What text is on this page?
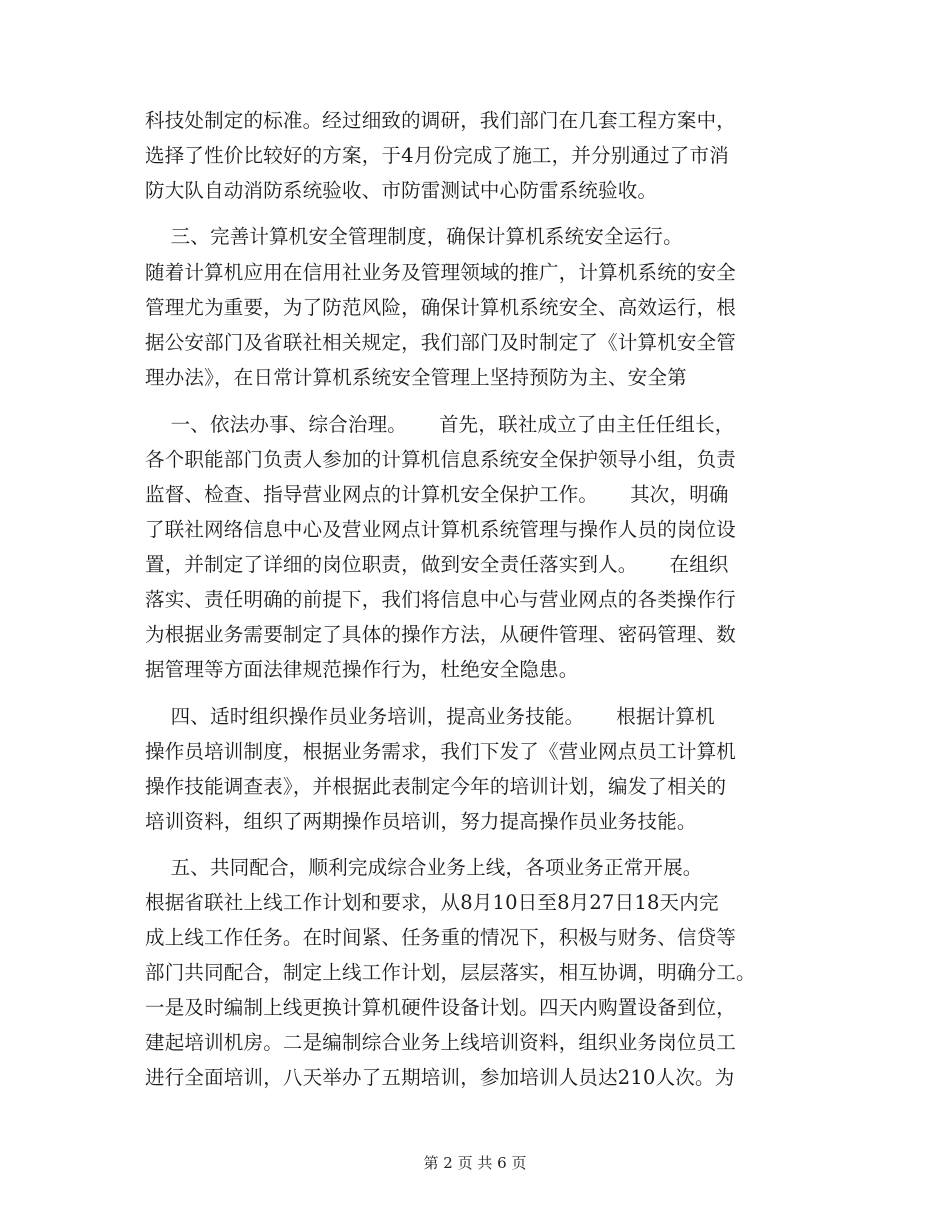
科技处制定的标准。经过细致的调研，我们部门在几套工程方案中，
选择了性价比较好的方案，于4月份完成了施工，并分别通过了市消
防大队自动消防系统验收、市防雷测试中心防雷系统验收。
三、完善计算机安全管理制度，确保计算机系统安全运行。
随着计算机应用在信用社业务及管理领域的推广，计算机系统的安全
管理尤为重要，为了防范风险，确保计算机系统安全、高效运行，根
据公安部门及省联社相关规定，我们部门及时制定了《计算机安全管
理办法》，在日常计算机系统安全管理上坚持预防为主、安全第
一、依法办事、综合治理。     首先，联社成立了由主任任组长，
各个职能部门负责人参加的计算机信息系统安全保护领导小组，负责
监督、检查、指导营业网点的计算机安全保护工作。     其次，明确
了联社网络信息中心及营业网点计算机系统管理与操作人员的岗位设
置，并制定了详细的岗位职责，做到安全责任落实到人。     在组织
落实、责任明确的前提下，我们将信息中心与营业网点的各类操作行
为根据业务需要制定了具体的操作方法，从硬件管理、密码管理、数
据管理等方面法律规范操作行为，杜绝安全隐患。
四、适时组织操作员业务培训，提高业务技能。     根据计算机
操作员培训制度，根据业务需求，我们下发了《营业网点员工计算机
操作技能调查表》，并根据此表制定今年的培训计划，编发了相关的
培训资料，组织了两期操作员培训，努力提高操作员业务技能。
五、共同配合，顺利完成综合业务上线，各项业务正常开展。
根据省联社上线工作计划和要求，从8月10日至8月27日18天内完
成上线工作任务。在时间紧、任务重的情况下，积极与财务、信贷等
部门共同配合，制定上线工作计划，层层落实，相互协调，明确分工。
一是及时编制上线更换计算机硬件设备计划。四天内购置设备到位，
建起培训机房。二是编制综合业务上线培训资料，组织业务岗位员工
进行全面培训，八天举办了五期培训，参加培训人员达210人次。为
第 2 页 共 6 页
